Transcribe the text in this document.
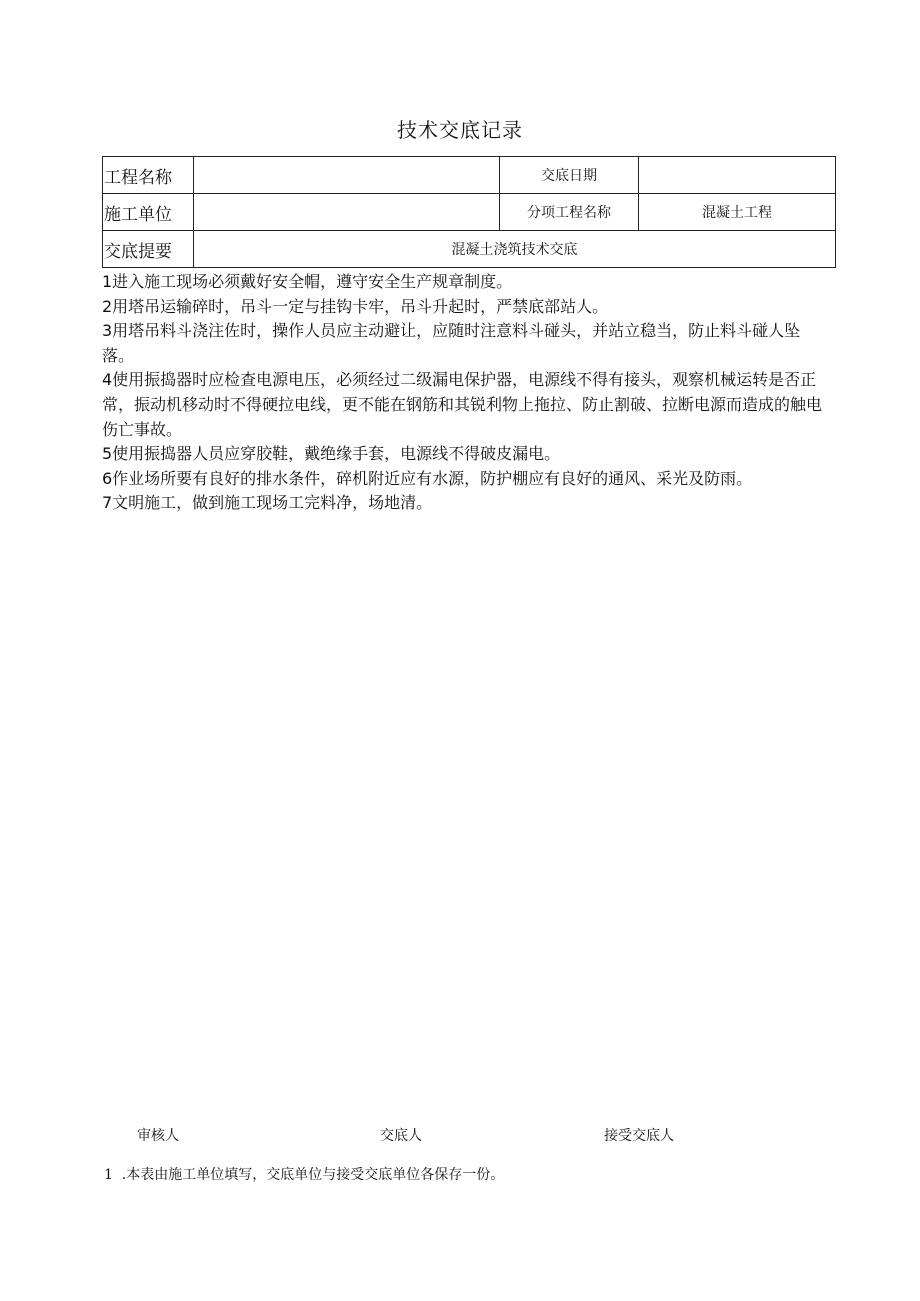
技术交底记录
工程名称		交底日期	
施工单位		分项工程名称	混凝土工程
交底提要	混凝土浇筑技术交底		

1进入施工现场必须戴好安全帽，遵守安全生产规章制度。

2用塔吊运输碎时，吊斗一定与挂钩卡牢，吊斗升起时，严禁底部站人。

3用塔吊料斗浇注佐时，操作人员应主动避让，应随时注意料斗碰头，并站立稳当，防止料斗碰人坠落。

4使用振捣器时应检查电源电压，必须经过二级漏电保护器，电源线不得有接头，观察机械运转是否正常，振动机移动时不得硬拉电线，更不能在钢筋和其锐利物上拖拉、防止割破、拉断电源而造成的触电伤亡事故。

5使用振捣器人员应穿胶鞋，戴绝缘手套，电源线不得破皮漏电。

6作业场所要有良好的排水条件，碎机附近应有水源，防护棚应有良好的通风、采光及防雨。

7文明施工，做到施工现场工完料净，场地清。

审核人	交底人	接受交底人
1  .本表由施工单位填写，交底单位与接受交底单位各保存一份。
